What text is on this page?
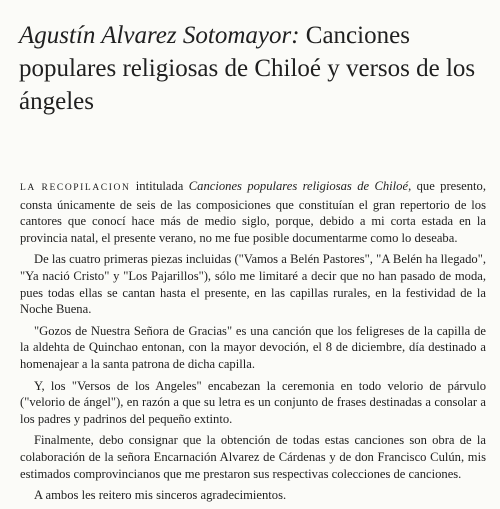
Agustín Alvarez Sotomayor: Canciones populares religiosas de Chiloé y versos de los ángeles

LA RECOPILACION intitulada Canciones populares religiosas de Chiloé, que presento, consta únicamente de seis de las composiciones que constituían el gran repertorio de los cantores que conocí hace más de medio siglo, porque, debido a mi corta estada en la provincia natal, el presente verano, no me fue posible documentarme como lo deseaba.

De las cuatro primeras piezas incluidas ("Vamos a Belén Pastores", "A Belén ha llegado", "Ya nació Cristo" y "Los Pajarillos"), sólo me limitaré a decir que no han pasado de moda, pues todas ellas se cantan hasta el presente, en las capillas rurales, en la festividad de la Noche Buena.

"Gozos de Nuestra Señora de Gracias" es una canción que los feligreses de la capilla de la aldehta de Quinchao entonan, con la mayor devoción, el 8 de diciembre, día destinado a homenajear a la santa patrona de dicha capilla.

Y, los "Versos de los Angeles" encabezan la ceremonia en todo velorio de párvulo ("velorio de ángel"), en razón a que su letra es un conjunto de frases destinadas a consolar a los padres y padrinos del pequeño extinto.

Finalmente, debo consignar que la obtención de todas estas canciones son obra de la colaboración de la señora Encarnación Alvarez de Cárdenas y de don Francisco Culún, mis estimados comprovincianos que me prestaron sus respectivas colecciones de canciones.

A ambos les reitero mis sinceros agradecimientos.
